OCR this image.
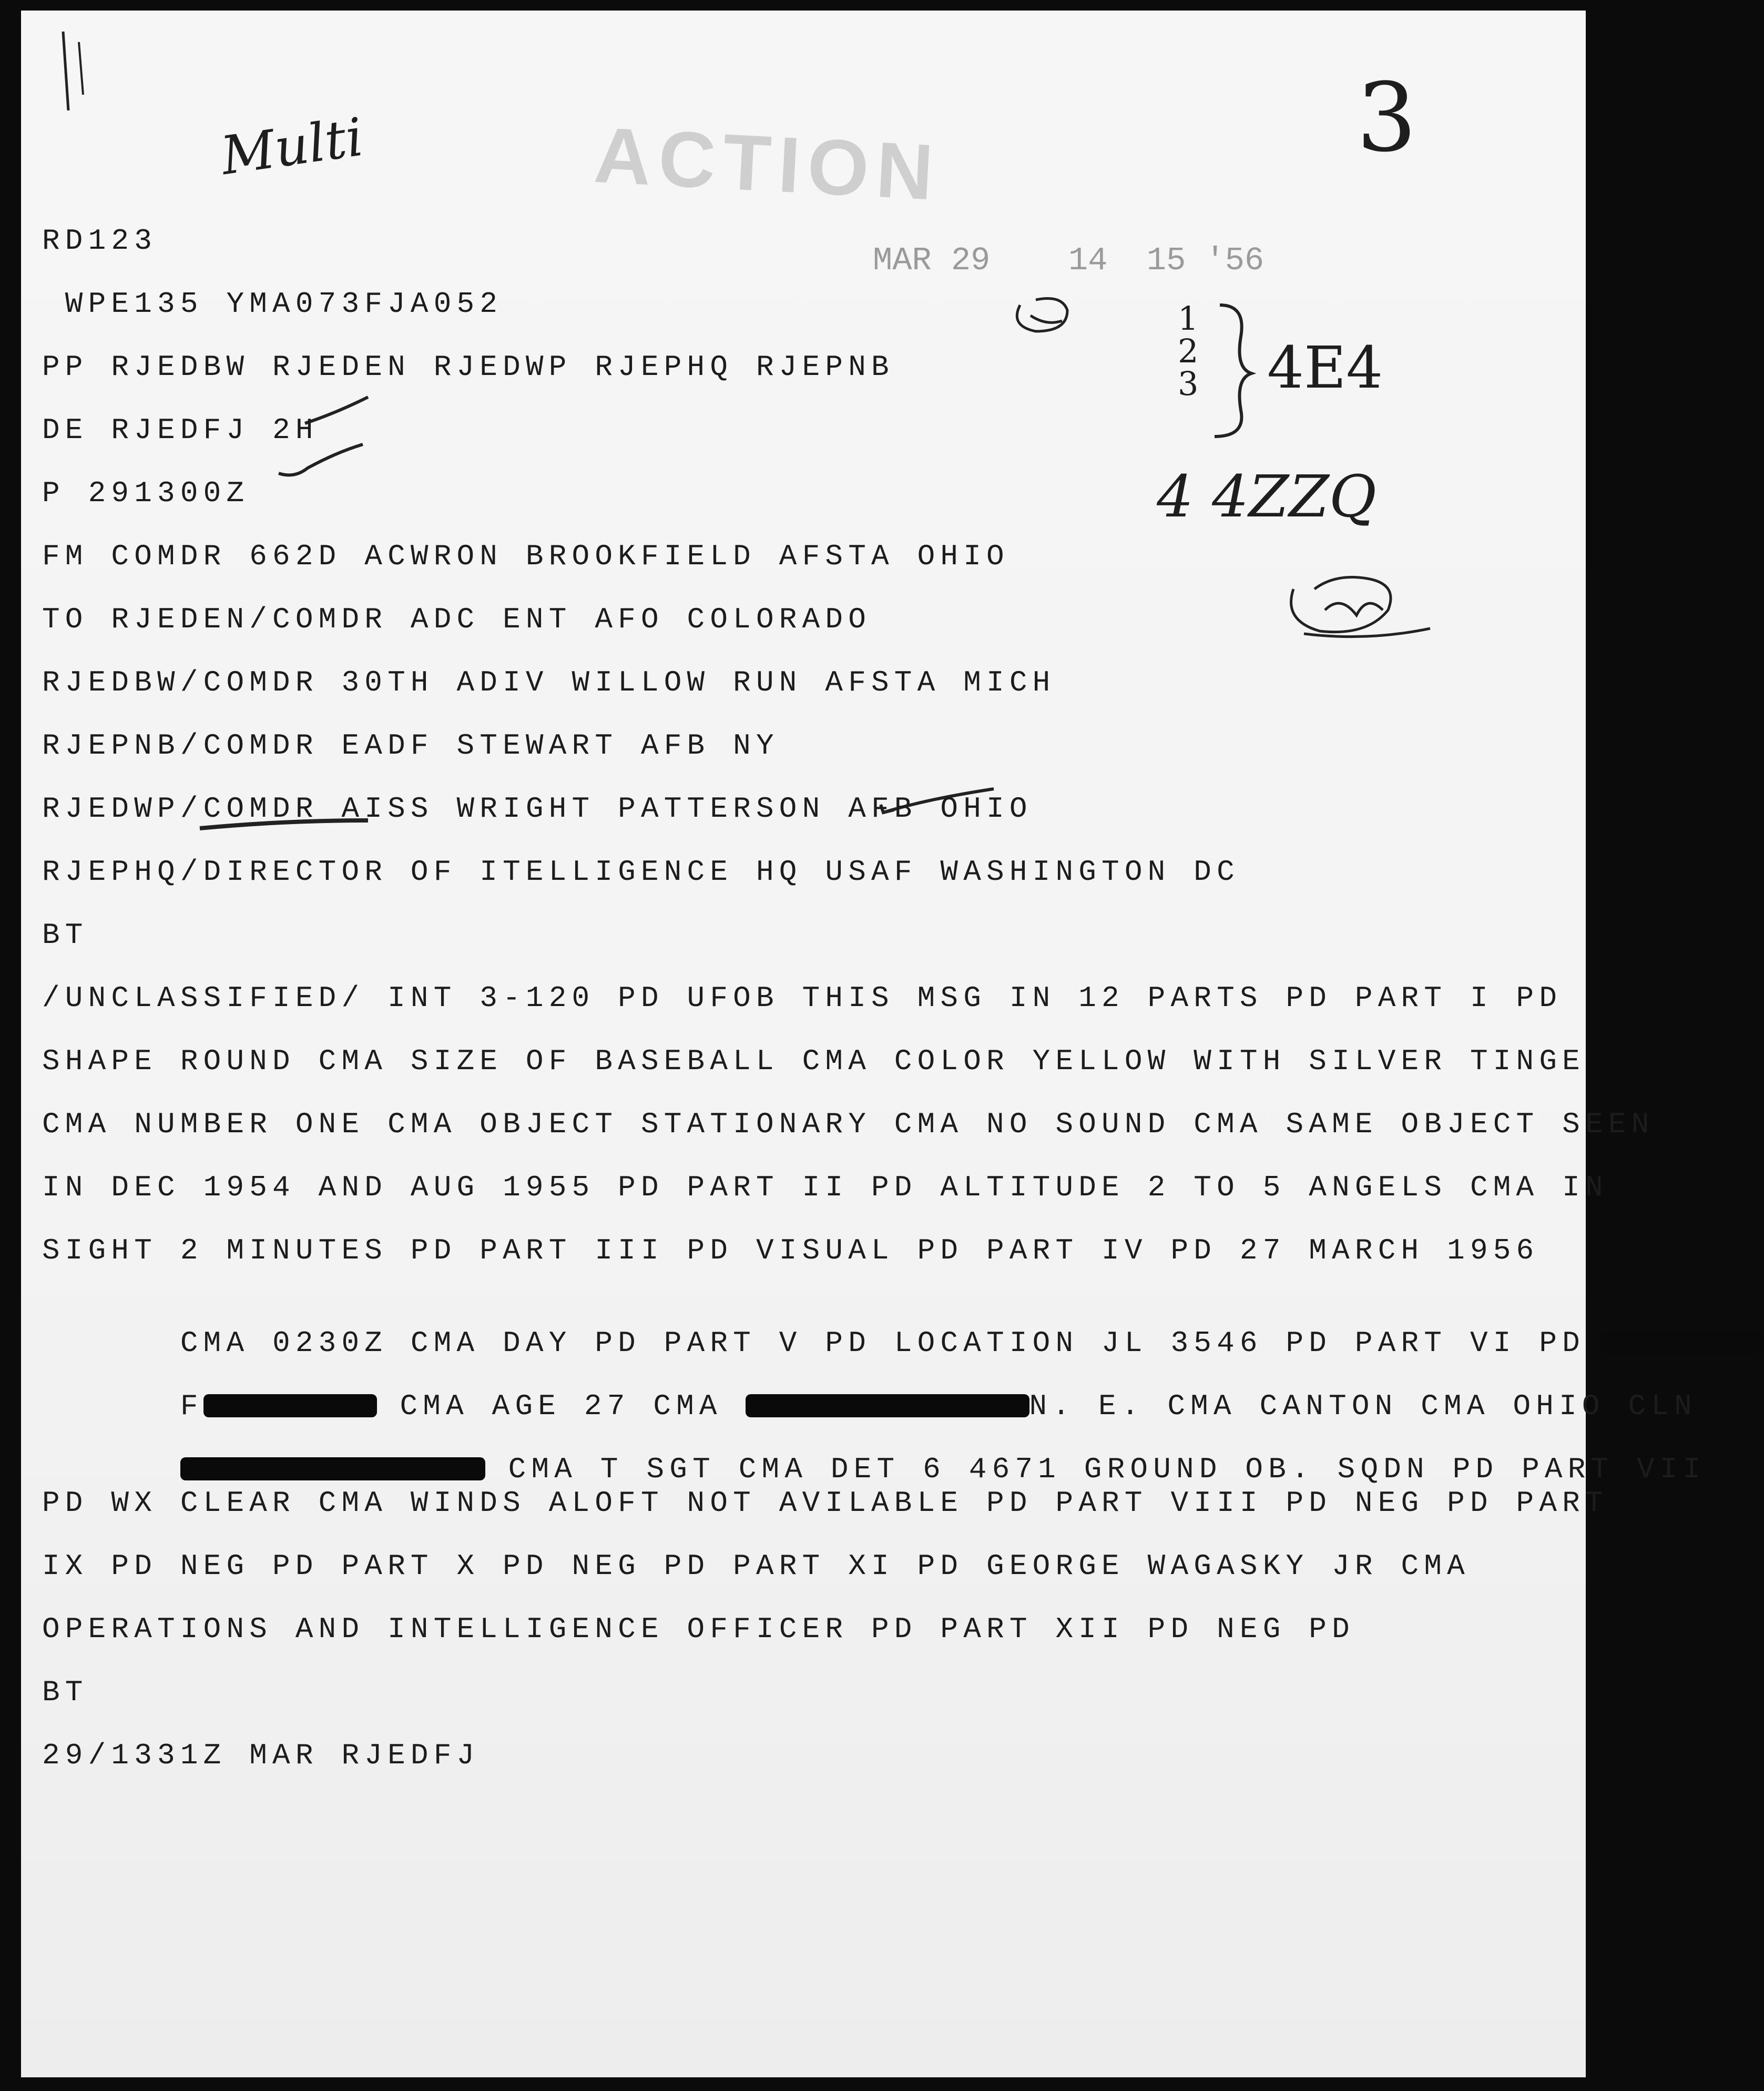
ACTION
MAR 29    14  15 '56
Multi	3
1
2
3 4E4
4 4ZZQ
RD123
WPE135 YMA073FJA052
PP RJEDBW RJEDEN RJEDWP RJEPHQ RJEPNB
DE RJEDFJ 2H
P 291300Z
FM COMDR 662D ACWRON BROOKFIELD AFSTA OHIO
TO RJEDEN/COMDR ADC ENT AFO COLORADO
RJEDBW/COMDR 30TH ADIV WILLOW RUN AFSTA MICH
RJEPNB/COMDR EADF STEWART AFB NY
RJEDWP/COMDR AISS WRIGHT PATTERSON AFB OHIO
RJEPHQ/DIRECTOR OF ITELLIGENCE HQ USAF WASHINGTON DC
BT
/UNCLASSIFIED/ INT 3-120 PD UFOB THIS MSG IN 12 PARTS PD PART I PD
SHAPE ROUND CMA SIZE OF BASEBALL CMA COLOR YELLOW WITH SILVER TINGE
CMA NUMBER ONE CMA OBJECT STATIONARY CMA NO SOUND CMA SAME OBJECT SEEN
IN DEC 1954 AND AUG 1955 PD PART II PD ALTITUDE 2 TO 5 ANGELS CMA IN
SIGHT 2 MINUTES PD PART III PD VISUAL PD PART IV PD 27 MARCH 1956

CMA 0230Z CMA DAY PD PART V PD LOCATION JL 3546 PD PART VI PD

F	CMA AGE 27 CMA	N. E. CMA CANTON CMA OHIO CLN

CMA T SGT CMA DET 6 4671 GROUND OB. SQDN PD PART VII

PD WX CLEAR CMA WINDS ALOFT NOT AVILABLE PD PART VIII PD NEG PD PART
IX PD NEG PD PART X PD NEG PD PART XI PD GEORGE WAGASKY JR CMA
OPERATIONS AND INTELLIGENCE OFFICER PD PART XII PD NEG PD
BT
29/1331Z MAR RJEDFJ
